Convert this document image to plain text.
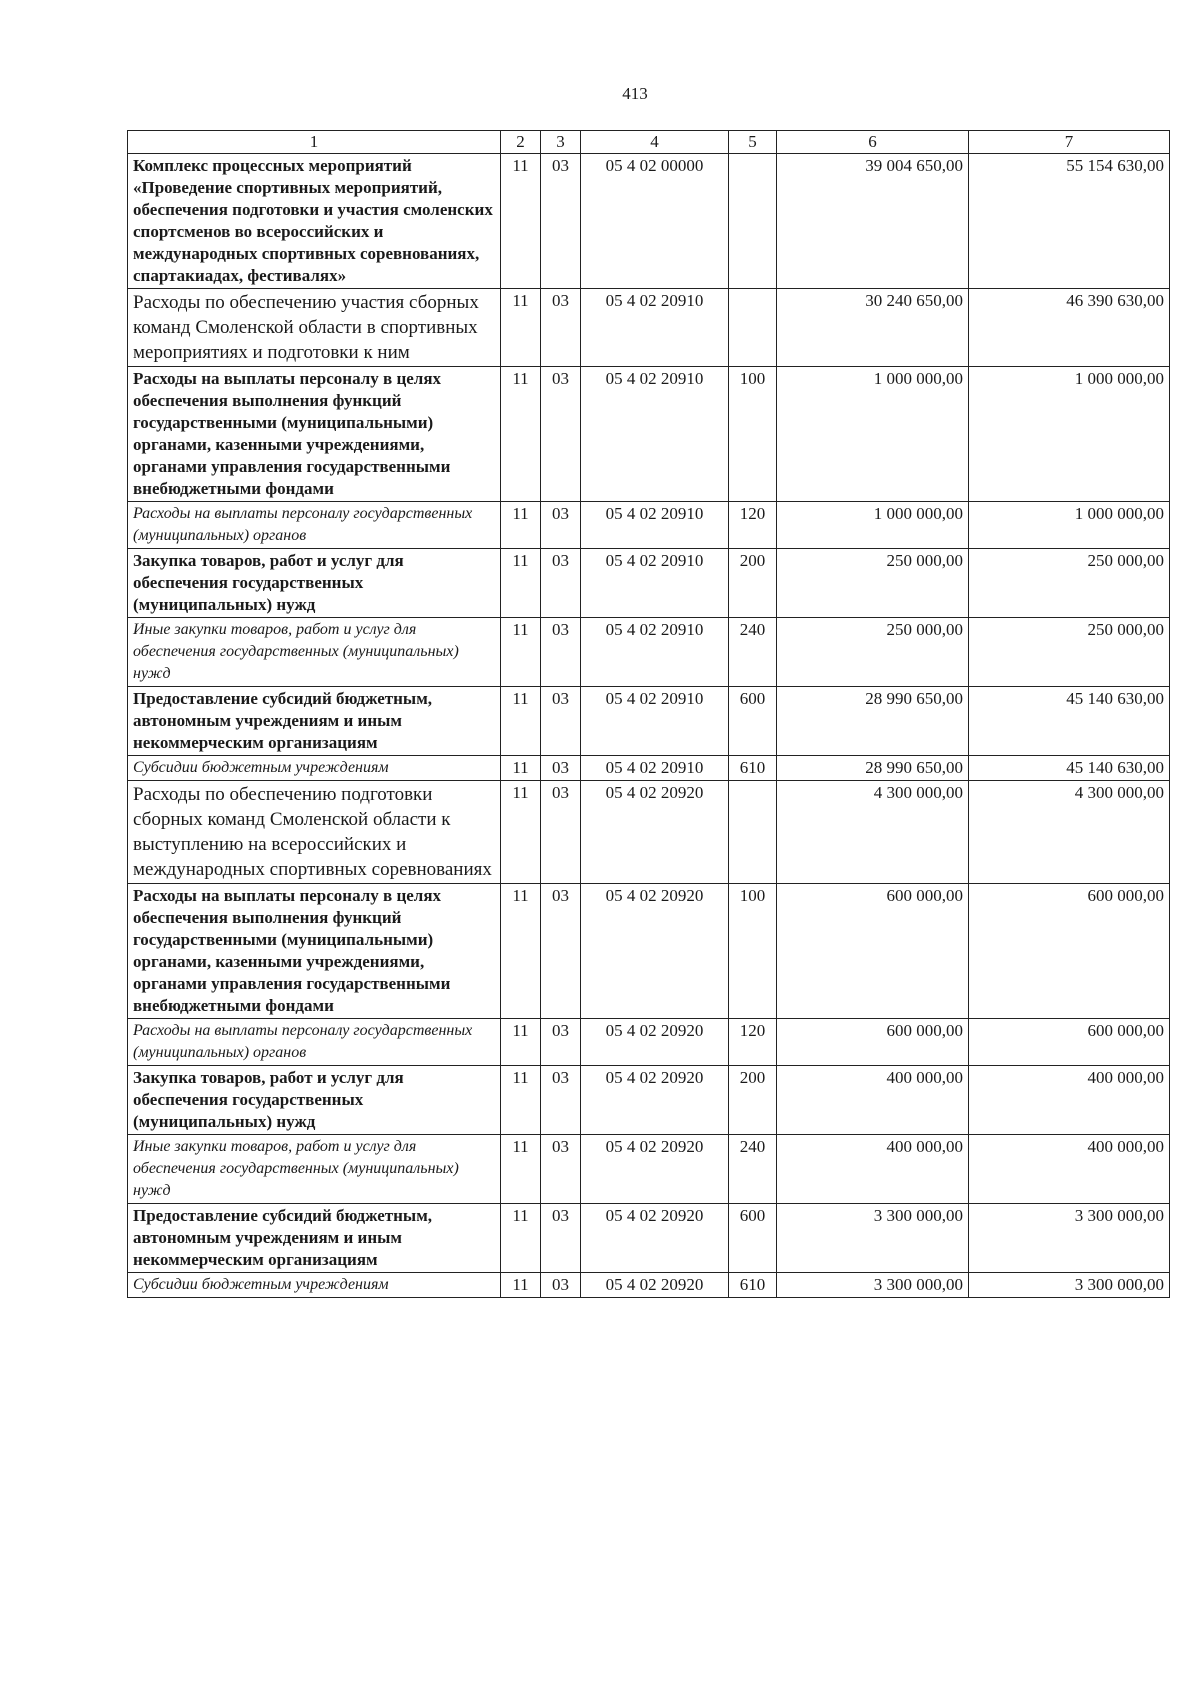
413
1	2	3	4	5	6	7
Комплекс процессных мероприятий «Проведение спортивных мероприятий, обеспечения подготовки и участия смоленских спортсменов во всероссийских и международных спортивных соревнованиях, спартакиадах, фестивалях»	11	03	05 4 02 00000		39 004 650,00	55 154 630,00
Расходы по обеспечению участия сборных команд Смоленской области в спортивных мероприятиях и подготовки к ним	11	03	05 4 02 20910		30 240 650,00	46 390 630,00
Расходы на выплаты персоналу в целях обеспечения выполнения функций государственными (муниципальными) органами, казенными учреждениями, органами управления государственными внебюджетными фондами	11	03	05 4 02 20910	100	1 000 000,00	1 000 000,00
Расходы на выплаты персоналу государственных (муниципальных) органов	11	03	05 4 02 20910	120	1 000 000,00	1 000 000,00
Закупка товаров, работ и услуг для обеспечения государственных (муниципальных) нужд	11	03	05 4 02 20910	200	250 000,00	250 000,00
Иные закупки товаров, работ и услуг для обеспечения государственных (муниципальных) нужд	11	03	05 4 02 20910	240	250 000,00	250 000,00
Предоставление субсидий бюджетным, автономным учреждениям и иным некоммерческим организациям	11	03	05 4 02 20910	600	28 990 650,00	45 140 630,00
Субсидии бюджетным учреждениям	11	03	05 4 02 20910	610	28 990 650,00	45 140 630,00
Расходы по обеспечению подготовки сборных команд Смоленской области к выступлению на всероссийских и международных спортивных соревнованиях	11	03	05 4 02 20920		4 300 000,00	4 300 000,00
Расходы на выплаты персоналу в целях обеспечения выполнения функций государственными (муниципальными) органами, казенными учреждениями, органами управления государственными внебюджетными фондами	11	03	05 4 02 20920	100	600 000,00	600 000,00
Расходы на выплаты персоналу государственных (муниципальных) органов	11	03	05 4 02 20920	120	600 000,00	600 000,00
Закупка товаров, работ и услуг для обеспечения государственных (муниципальных) нужд	11	03	05 4 02 20920	200	400 000,00	400 000,00
Иные закупки товаров, работ и услуг для обеспечения государственных (муниципальных) нужд	11	03	05 4 02 20920	240	400 000,00	400 000,00
Предоставление субсидий бюджетным, автономным учреждениям и иным некоммерческим организациям	11	03	05 4 02 20920	600	3 300 000,00	3 300 000,00
Субсидии бюджетным учреждениям	11	03	05 4 02 20920	610	3 300 000,00	3 300 000,00
